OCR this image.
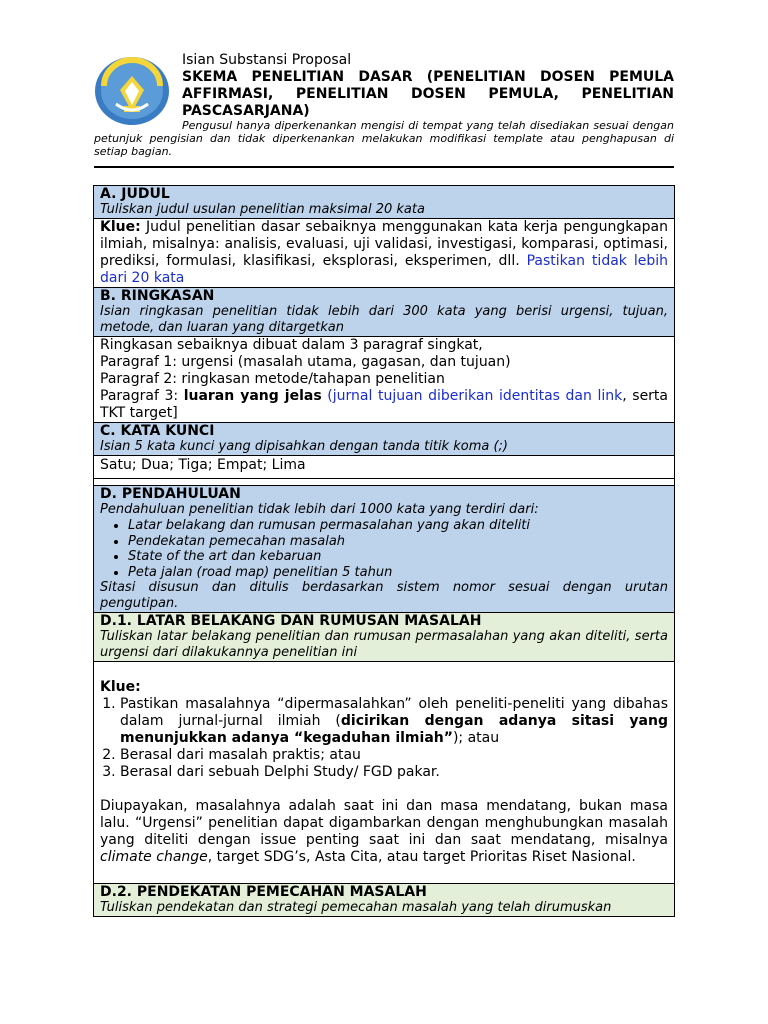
Isian Substansi Proposal
SKEMA PENELITIAN DASAR (PENELITIAN DOSEN PEMULA AFFIRMASI, PENELITIAN DOSEN PEMULA, PENELITIAN PASCASARJANA)
Pengusul hanya diperkenankan mengisi di tempat yang telah disediakan sesuai dengan petunjuk pengisian dan tidak diperkenankan melakukan modifikasi template atau penghapusan di setiap bagian.
A. JUDUL
Tuliskan judul usulan penelitian maksimal 20 kata
Klue: Judul penelitian dasar sebaiknya menggunakan kata kerja pengungkapan ilmiah, misalnya: analisis, evaluasi, uji validasi, investigasi, komparasi, optimasi, prediksi, formulasi, klasifikasi, eksplorasi, eksperimen, dll. Pastikan tidak lebih dari 20 kata
B. RINGKASAN
Isian ringkasan penelitian tidak lebih dari 300 kata yang berisi urgensi, tujuan, metode, dan luaran yang ditargetkan
Ringkasan sebaiknya dibuat dalam 3 paragraf singkat,
Paragraf 1: urgensi (masalah utama, gagasan, dan tujuan)
Paragraf 2: ringkasan metode/tahapan penelitian
Paragraf 3: luaran yang jelas (jurnal tujuan diberikan identitas dan link, serta TKT target]
C. KATA KUNCI
Isian 5 kata kunci yang dipisahkan dengan tanda titik koma (;)
Satu; Dua; Tiga; Empat; Lima
D. PENDAHULUAN
Pendahuluan penelitian tidak lebih dari 1000 kata yang terdiri dari:
• Latar belakang dan rumusan permasalahan yang akan diteliti
• Pendekatan pemecahan masalah
• State of the art dan kebaruan
• Peta jalan (road map) penelitian 5 tahun
Sitasi disusun dan ditulis berdasarkan sistem nomor sesuai dengan urutan pengutipan.
D.1. LATAR BELAKANG DAN RUMUSAN MASALAH
Tuliskan latar belakang penelitian dan rumusan permasalahan yang akan diteliti, serta urgensi dari dilakukannya penelitian ini
Klue:
1. Pastikan masalahnya “dipermasalahkan” oleh peneliti-peneliti yang dibahas dalam jurnal-jurnal ilmiah (dicirikan dengan adanya sitasi yang menunjukkan adanya “kegaduhan ilmiah”); atau
2. Berasal dari masalah praktis; atau
3. Berasal dari sebuah Delphi Study/ FGD pakar.
Diupayakan, masalahnya adalah saat ini dan masa mendatang, bukan masa lalu. “Urgensi” penelitian dapat digambarkan dengan menghubungkan masalah yang diteliti dengan issue penting saat ini dan saat mendatang, misalnya climate change, target SDG’s, Asta Cita, atau target Prioritas Riset Nasional.
D.2. PENDEKATAN PEMECAHAN MASALAH
Tuliskan pendekatan dan strategi pemecahan masalah yang telah dirumuskan
